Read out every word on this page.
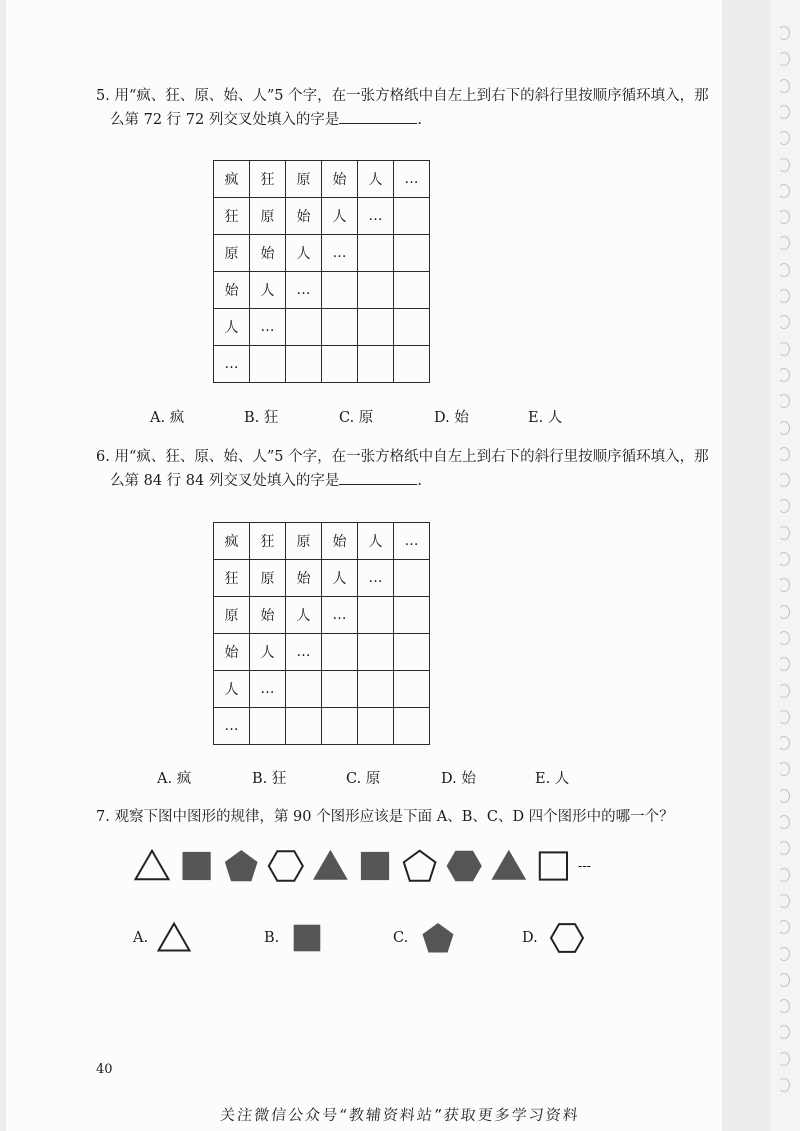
5. 用“疯、狂、原、始、人”5 个字，在一张方格纸中自左上到右下的斜行里按顺序循环填入，那
么第 72 行 72 列交叉处填入的字是	.
疯	狂	原	始	人	…
狂	原	始	人	…	
原	始	人	…		
始	人	…			
人	…				
…					
A. 疯	B. 狂	C. 原	D. 始	E. 人
6. 用“疯、狂、原、始、人”5 个字，在一张方格纸中自左上到右下的斜行里按顺序循环填入，那
么第 84 行 84 列交叉处填入的字是	.
疯	狂	原	始	人	…
狂	原	始	人	…	
原	始	人	…		
始	人	…			
人	…				
…					
A. 疯	B. 狂	C. 原	D. 始	E. 人
7. 观察下图中图形的规律，第 90 个图形应该是下面 A、B、C、D 四个图形中的哪一个？
---
A.	B.	C.	D.
40
关注微信公众号“教辅资料站”获取更多学习资料
